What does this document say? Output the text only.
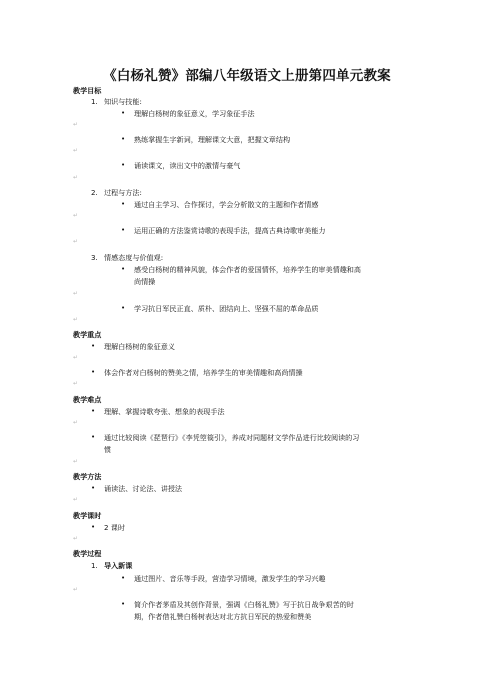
《白杨礼赞》部编八年级语文上册第四单元教案
教学目标
1. 知识与技能:
• 理解白杨树的象征意义，学习象征手法
↵
• 熟练掌握生字新词，理解课文大意，把握文章结构
↵
• 诵读课文，读出文中的激情与豪气
↵
2. 过程与方法:
• 通过自主学习、合作探讨，学会分析散文的主题和作者情感
↵
• 运用正确的方法鉴赏诗歌的表现手法，提高古典诗歌审美能力
↵
3. 情感态度与价值观:
• 感受白杨树的精神风貌，体会作者的爱国情怀，培养学生的审美情趣和高
尚情操
↵
• 学习抗日军民正直、质朴、团结向上、坚强不屈的革命品质
↵
教学重点
• 理解白杨树的象征意义
↵
• 体会作者对白杨树的赞美之情，培养学生的审美情趣和高尚情操
↵
教学难点
• 理解、掌握诗歌夸张、想象的表现手法
↵
• 通过比较阅读《琵琶行》《李凭箜篌引》，养成对同题材文学作品进行比较阅读的习
惯
↵
教学方法
• 诵读法、讨论法、讲授法
↵
教学课时
• 2 课时
↵
教学过程
1. 导入新课
• 通过图片、音乐等手段，营造学习情境，激发学生的学习兴趣
↵
• 简介作者茅盾及其创作背景，强调《白杨礼赞》写于抗日战争艰苦的时
期，作者借礼赞白杨树表达对北方抗日军民的热爱和赞美
